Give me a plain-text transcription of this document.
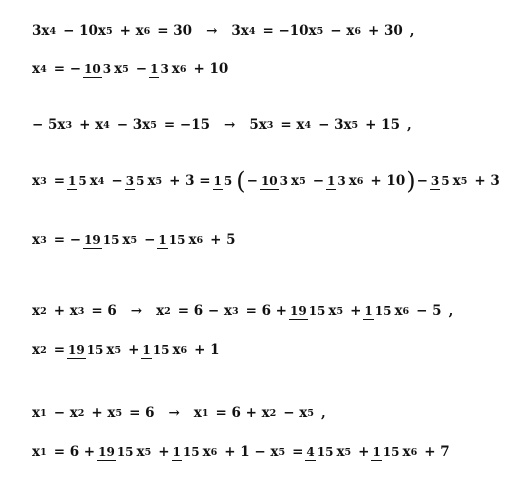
3x 4 − 10x 5 + x 6 = 30 → 3x 4 = −10x 5 − x 6 + 30 ,
x 4 = − 10 3 x 5 − 1 3 x 6 + 10
− 5x 3 + x 4 − 3x 5 = −15 → 5x 3 = x 4 − 3x 5 + 15 ,
x 3 = 1 5 x 4 − 3 5 x 5 + 3 = 1 5 ( − 10 3 x 5 − 1 3 x 6 + 10 ) − 3 5 x 5 + 3
x 3 = − 19 15 x 5 − 1 15 x 6 + 5
x 2 + x 3 = 6 → x 2 = 6 − x 3 = 6 + 19 15 x 5 + 1 15 x 6 − 5 ,
x 2 = 19 15 x 5 + 1 15 x 6 + 1
x 1 − x 2 + x 5 = 6 → x 1 = 6 + x 2 − x 5 ,
x 1 = 6 + 19 15 x 5 + 1 15 x 6 + 1 − x 5 = 4 15 x 5 + 1 15 x 6 + 7
